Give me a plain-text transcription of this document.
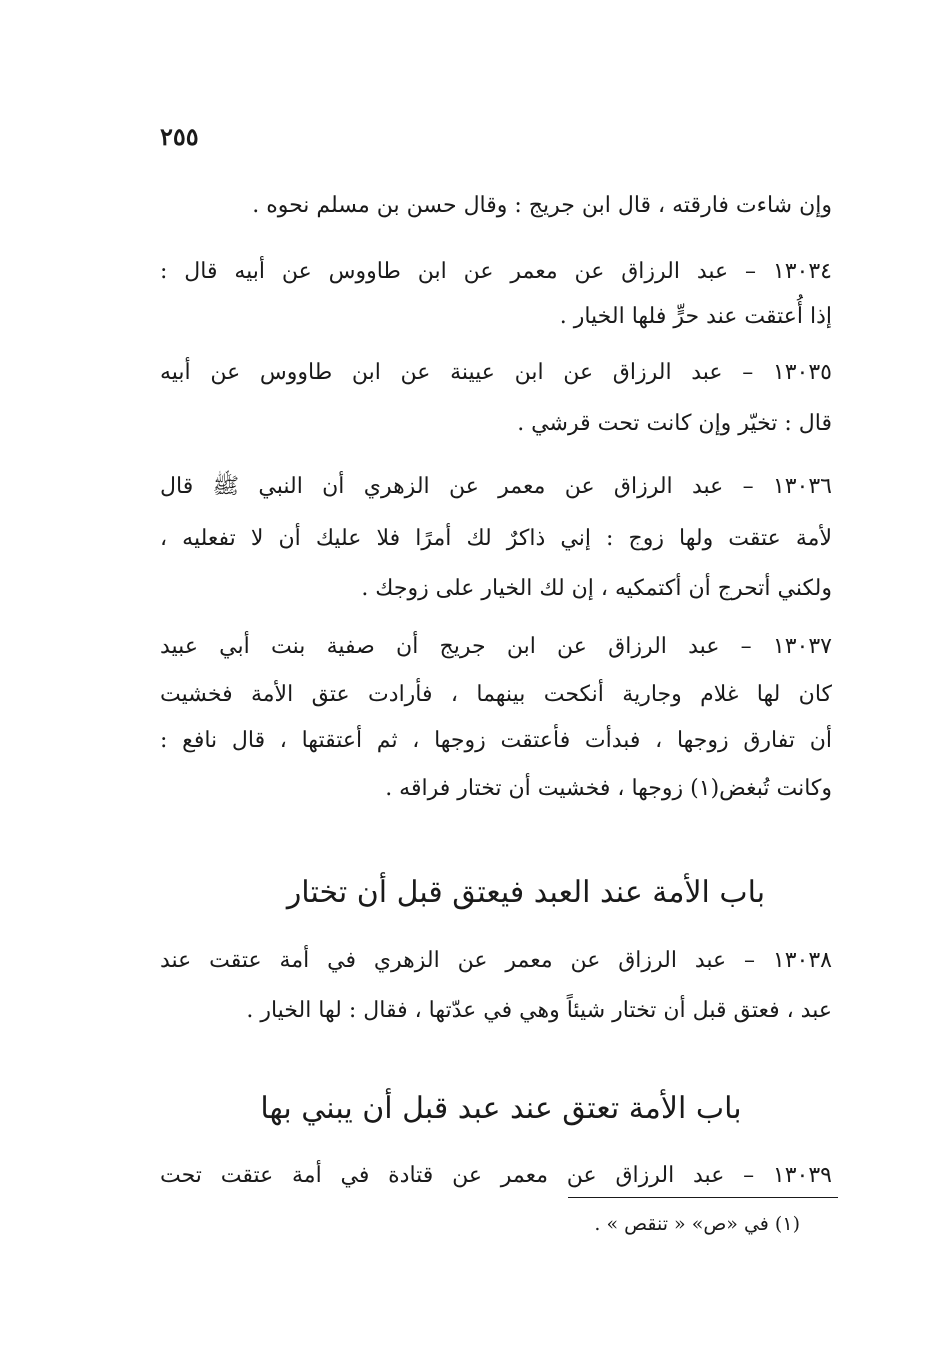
٢٥٥
وإن شاءت فارقته ، قال ابن جريج : وقال حسن بن مسلم نحوه .
١٣٠٣٤ – عبد الرزاق عن معمر عن ابن طاووس عن أبيه قال :
إذا أُعتقت عند حرٍّ فلها الخيار .
١٣٠٣٥ – عبد الرزاق عن ابن عيينة عن ابن طاووس عن أبيه
قال : تخيّر وإن كانت تحت قرشي .
١٣٠٣٦ – عبد الرزاق عن معمر عن الزهري أن النبي ﷺ قال
لأمة عتقت ولها زوج : إني ذاكرٌ لك أمرًا فلا عليك أن لا تفعليه ،
ولكني أتحرج أن أكتمكيه ، إن لك الخيار على زوجك .
١٣٠٣٧ – عبد الرزاق عن ابن جريج أن صفية بنت أبي عبيد
كان لها غلام وجارية أنكحت بينهما ، فأرادت عتق الأمة فخشيت
أن تفارق زوجها ، فبدأت فأعتقت زوجها ، ثم أعتقتها ، قال نافع :
وكانت تُبغض(١) زوجها ، فخشيت أن تختار فراقه .
باب الأمة عند العبد فيعتق قبل أن تختار
١٣٠٣٨ – عبد الرزاق عن معمر عن الزهري في أمة عتقت عند
عبد ، فعتق قبل أن تختار شيئاً وهي في عدّتها ، فقال : لها الخيار .
باب الأمة تعتق عند عبد قبل أن يبني بها
١٣٠٣٩ – عبد الرزاق عن معمر عن قتادة في أمة عتقت تحت
(١) في «ص» « تنقص » .
